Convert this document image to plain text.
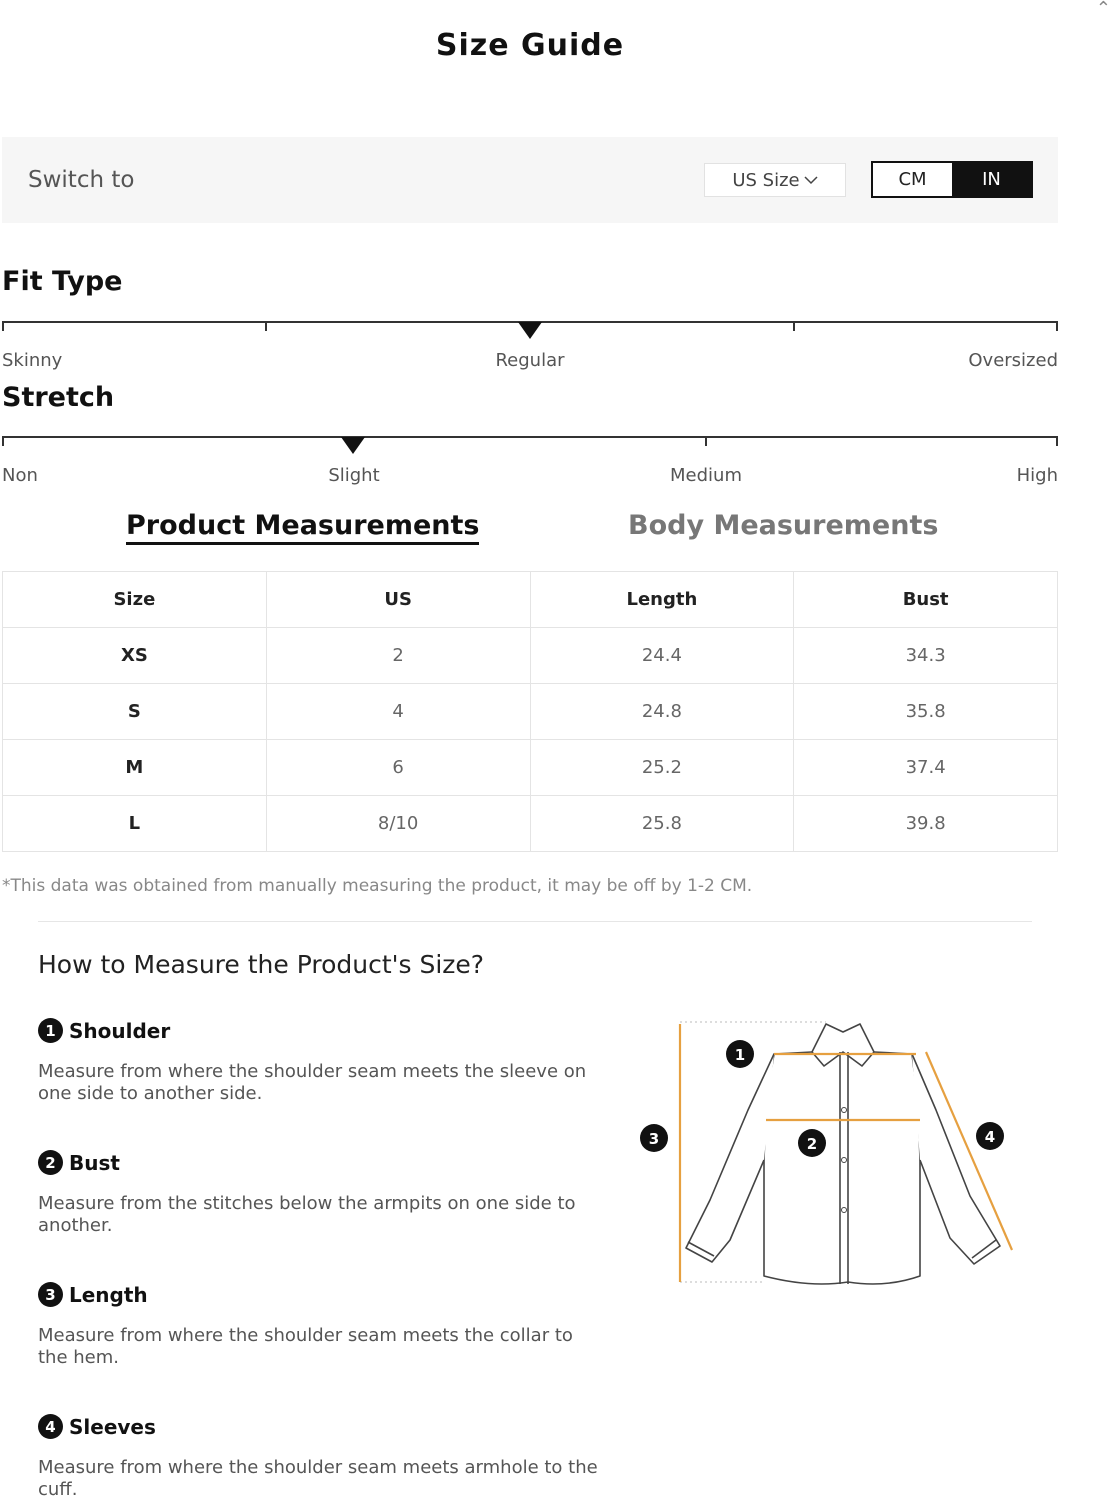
Size Guide
⌃
Switch to	US Size	CM	IN
Fit Type
Skinny	Regular	Oversized
Stretch
Non	Slight	Medium	High
Product Measurements	Body Measurements
Size	US	Length	Bust
XS	2	24.4	34.3
S	4	24.8	35.8
M	6	25.2	37.4
L	8/10	25.8	39.8
*This data was obtained from manually measuring the product, it may be off by 1-2 CM.
How to Measure the Product's Size?
1 Shoulder
Measure from where the shoulder seam meets the sleeve on one side to another side.
2 Bust
Measure from the stitches below the armpits on one side to another.
3 Length
Measure from where the shoulder seam meets the collar to the hem.
4 Sleeves
Measure from where the shoulder seam meets armhole to the cuff.
1
2
3	4
